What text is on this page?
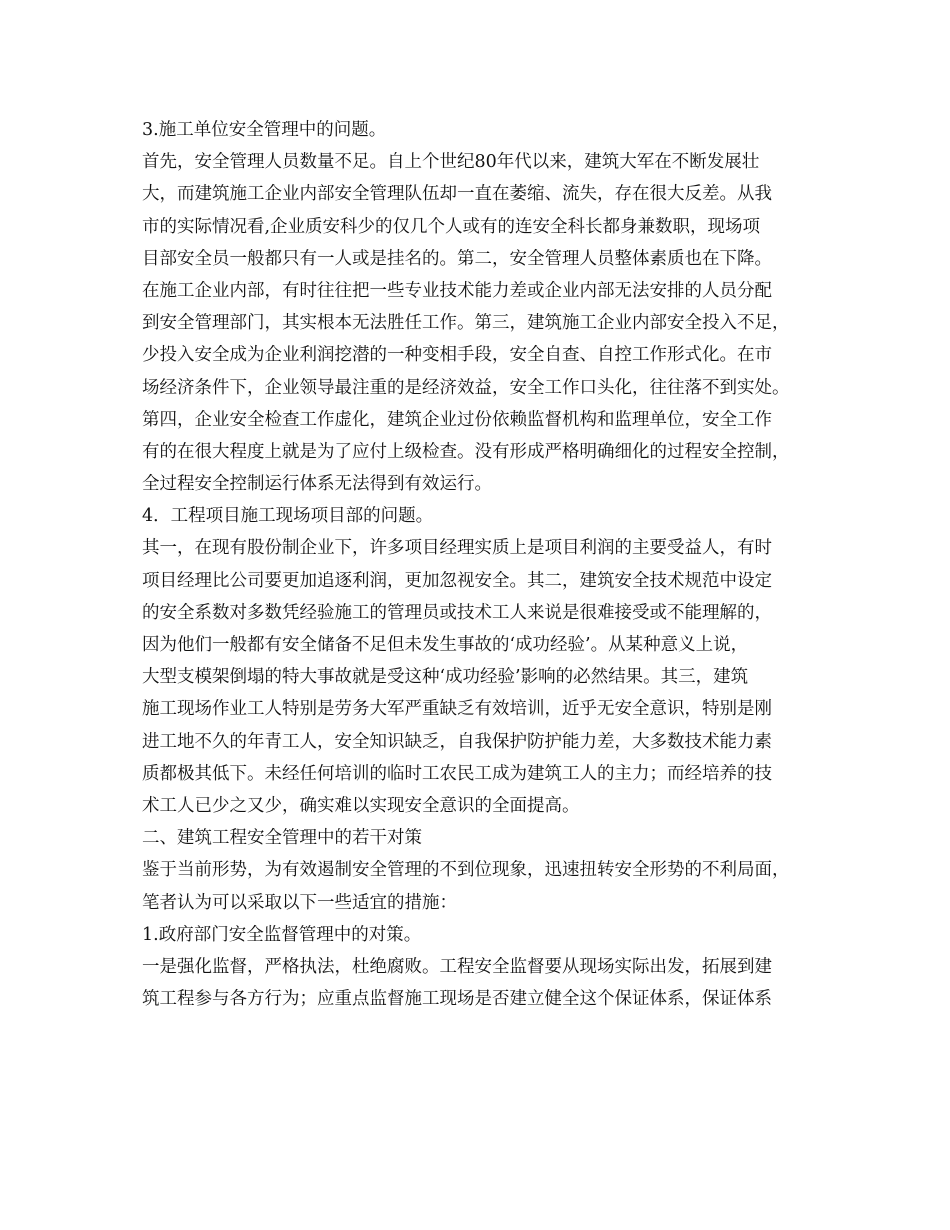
3.施工单位安全管理中的问题。
首先，安全管理人员数量不足。自上个世纪80年代以来，建筑大军在不断发展壮
大，而建筑施工企业内部安全管理队伍却一直在萎缩、流失，存在很大反差。从我
市的实际情况看,企业质安科少的仅几个人或有的连安全科长都身兼数职，现场项
目部安全员一般都只有一人或是挂名的。第二，安全管理人员整体素质也在下降。
在施工企业内部，有时往往把一些专业技术能力差或企业内部无法安排的人员分配
到安全管理部门，其实根本无法胜任工作。第三，建筑施工企业内部安全投入不足，
少投入安全成为企业利润挖潜的一种变相手段，安全自查、自控工作形式化。在市
场经济条件下，企业领导最注重的是经济效益，安全工作口头化，往往落不到实处。
第四，企业安全检查工作虚化，建筑企业过份依赖监督机构和监理单位，安全工作
有的在很大程度上就是为了应付上级检查。没有形成严格明确细化的过程安全控制，
全过程安全控制运行体系无法得到有效运行。
4．工程项目施工现场项目部的问题。
其一，在现有股份制企业下，许多项目经理实质上是项目利润的主要受益人，有时
项目经理比公司要更加追逐利润，更加忽视安全。其二，建筑安全技术规范中设定
的安全系数对多数凭经验施工的管理员或技术工人来说是很难接受或不能理解的，
因为他们一般都有安全储备不足但未发生事故的‘成功经验’。从某种意义上说，
大型支模架倒塌的特大事故就是受这种‘成功经验’影响的必然结果。其三，建筑
施工现场作业工人特别是劳务大军严重缺乏有效培训，近乎无安全意识，特别是刚
进工地不久的年青工人，安全知识缺乏，自我保护防护能力差，大多数技术能力素
质都极其低下。未经任何培训的临时工农民工成为建筑工人的主力；而经培养的技
术工人已少之又少，确实难以实现安全意识的全面提高。
二、建筑工程安全管理中的若干对策
鉴于当前形势，为有效遏制安全管理的不到位现象，迅速扭转安全形势的不利局面，
笔者认为可以采取以下一些适宜的措施：
1.政府部门安全监督管理中的对策。
一是强化监督，严格执法，杜绝腐败。工程安全监督要从现场实际出发，拓展到建
筑工程参与各方行为；应重点监督施工现场是否建立健全这个保证体系，保证体系
